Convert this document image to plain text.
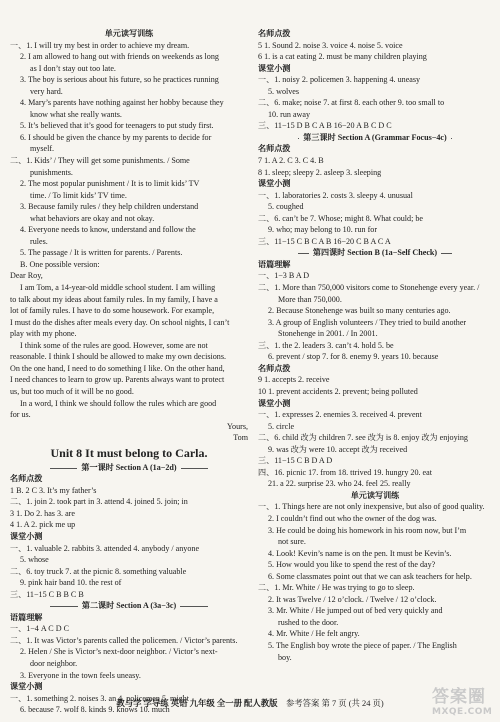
单元读写训练
一、1. I will try my best in order to achieve my dream.
2. I am allowed to hang out with friends on weekends as long
as I don’t stay out too late.
3. The boy is serious about his future, so he practices running
very hard.
4. Mary’s parents have nothing against her hobby because they
know what she really wants.
5. It’s believed that it’s good for teenagers to put study first.
6. I should be given the chance by my parents to decide for
myself.
二、1. Kids’ / They will get some punishments. / Some
punishments.
2. The most popular punishment / It is to limit kids’ TV
time. / To limit kids’ TV time.
3. Because family rules / they help children understand
what behaviors are okay and not okay.
4. Everyone needs to know, understand and follow the
rules.
5. The passage / It is written for parents. / Parents.
B. One possible version:
Dear Roy,
I am Tom, a 14-year-old middle school student. I am willing
to talk about my ideas about family rules. In my family, I have a
lot of family rules. I have to do some housework. For example,
I must do the dishes after meals every day. On school nights, I can’t
play with my phone.
I think some of the rules are good. However, some are not
reasonable. I think I should be allowed to make my own decisions.
On the one hand, I need to do something I like. On the other hand,
I need chances to learn to grow up. Parents always want to protect
us, but too much of it will be no good.
In a word, I think we should follow the rules which are good
for us.
Yours,
Tom
Unit 8 It must belong to Carla.
第一课时 Section A (1a−2d)
名师点拨
1 B. 2 C 3. It’s my father’s
二、1. join 2. took part in 3. attend 4. joined 5. join; in
3 1. Do 2. has 3. are
4 1. A 2. pick me up
课堂小测
一、1. valuable 2. rabbits 3. attended 4. anybody / anyone
5. whose
二、6. toy truck 7. at the picnic 8. something valuable
9. pink hair band 10. the rest of
三、11−15 C B B C B
第二课时 Section A (3a−3c)
语篇理解
一、1−4 A C D C
二、1. It was Victor’s parents called the policemen. / Victor’s parents.
2. Helen / She is Victor’s next-door neighbor. / Victor’s next-
door neighbor.
3. Everyone in the town feels uneasy.
课堂小测
一、1. something 2. noises 3. an 4. policemen 5. might
6. because 7. wolf 8. kinds 9. knows 10. much
名师点拨
5 1. Sound 2. noise 3. voice 4. noise 5. voice
6 1. is a cat eating 2. must be many children playing
课堂小测
一、1. noisy 2. policemen 3. happening 4. uneasy
5. wolves
二、6. make; noise 7. at first 8. each other 9. too small to
10. run away
三、11−15 D B C A B 16−20 A B C D C
第三课时 Section A (Grammar Focus−4c)
名师点拨
7 1. A 2. C 3. C 4. B
8 1. sleep; sleepy 2. asleep 3. sleeping
课堂小测
一、1. laboratories 2. costs 3. sleepy 4. unusual
5. coughed
二、6. can’t be 7. Whose; might 8. What could; be
9. who; may belong to 10. run for
三、11−15 C B C A B 16−20 C B A C A
第四课时 Section B (1a−Self Check)
语篇理解
一、1−3 B A D
二、1. More than 750,000 visitors come to Stonehenge every year. /
More than 750,000.
2. Because Stonehenge was built so many centuries ago.
3. A group of English volunteers / They tried to build another
Stonehenge in 2001. / In 2001.
三、1. the 2. leaders 3. can’t 4. hold 5. be
6. prevent / stop 7. for 8. enemy 9. years 10. because
名师点拨
9 1. accepts 2. receive
10 1. prevent accidents 2. prevent; being polluted
课堂小测
一、1. expresses 2. enemies 3. received 4. prevent
5. circle
二、6. child 改为 children 7. see 改为 is 8. enjoy 改为 enjoying
9. was 改为 were 10. accept 改为 received
三、11−15 C B D A D
四、16. picnic 17. from 18. ttrived 19. hungry 20. eat
21. a 22. surprise 23. who 24. feel 25. really
单元读写训练
一、1. Things here are not only inexpensive, but also of good quality.
2. I couldn’t find out who the owner of the dog was.
3. He could be doing his homework in his room now, but I’m
not sure.
4. Look! Kevin’s name is on the pen. It must be Kevin’s.
5. How would you like to spend the rest of the day?
6. Some classmates point out that we can ask teachers for help.
二、1. Mr. White / He was trying to go to sleep.
2. It was Twelve / 12 o’clock. / Twelve / 12 o’clock.
3. Mr. White / He jumped out of bed very quickly and
rushed to the door.
4. Mr. White / He felt angry.
5. The English boy wrote the piece of paper. / The English
boy.
教与学 学导练 英语 九年级 全一册 配人教版 参考答案 第 7 页 (共 24 页)	答案圈
MXQE.COM
